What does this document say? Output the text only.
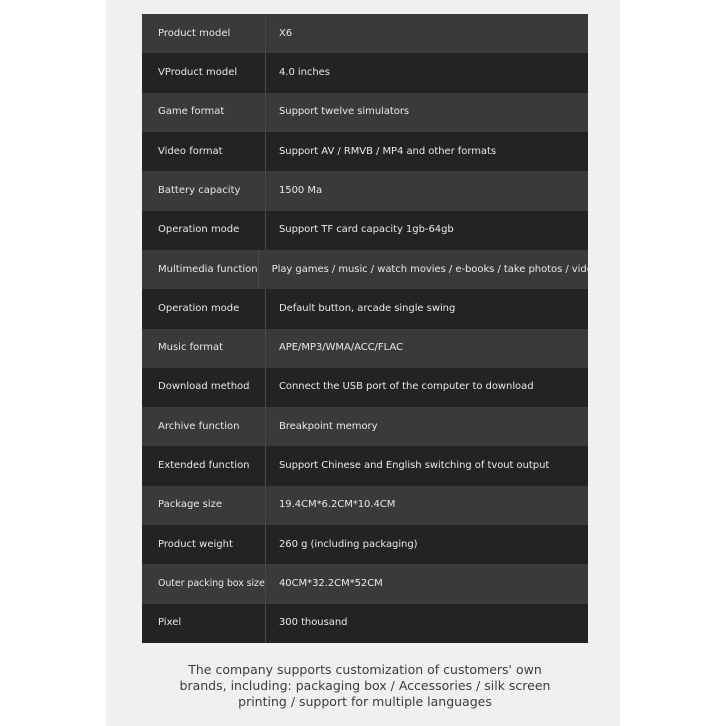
Product model	X6
VProduct model	4.0 inches
Game format	Support twelve simulators
Video format	Support AV / RMVB / MP4 and other formats
Battery capacity	1500 Ma
Operation mode	Support TF card capacity 1gb-64gb
Multimedia function	Play games / music / watch movies / e-books / take photos / video
Operation mode	Default button, arcade single swing
Music format	APE/MP3/WMA/ACC/FLAC
Download method	Connect the USB port of the computer to download
Archive function	Breakpoint memory
Extended function	Support Chinese and English switching of tvout output
Package size	19.4CM*6.2CM*10.4CM
Product weight	260 g (including packaging)
Outer packing box size	40CM*32.2CM*52CM
Pixel	300 thousand
The company supports customization of customers' own
brands, including: packaging box / Accessories / silk screen
printing / support for multiple languages
